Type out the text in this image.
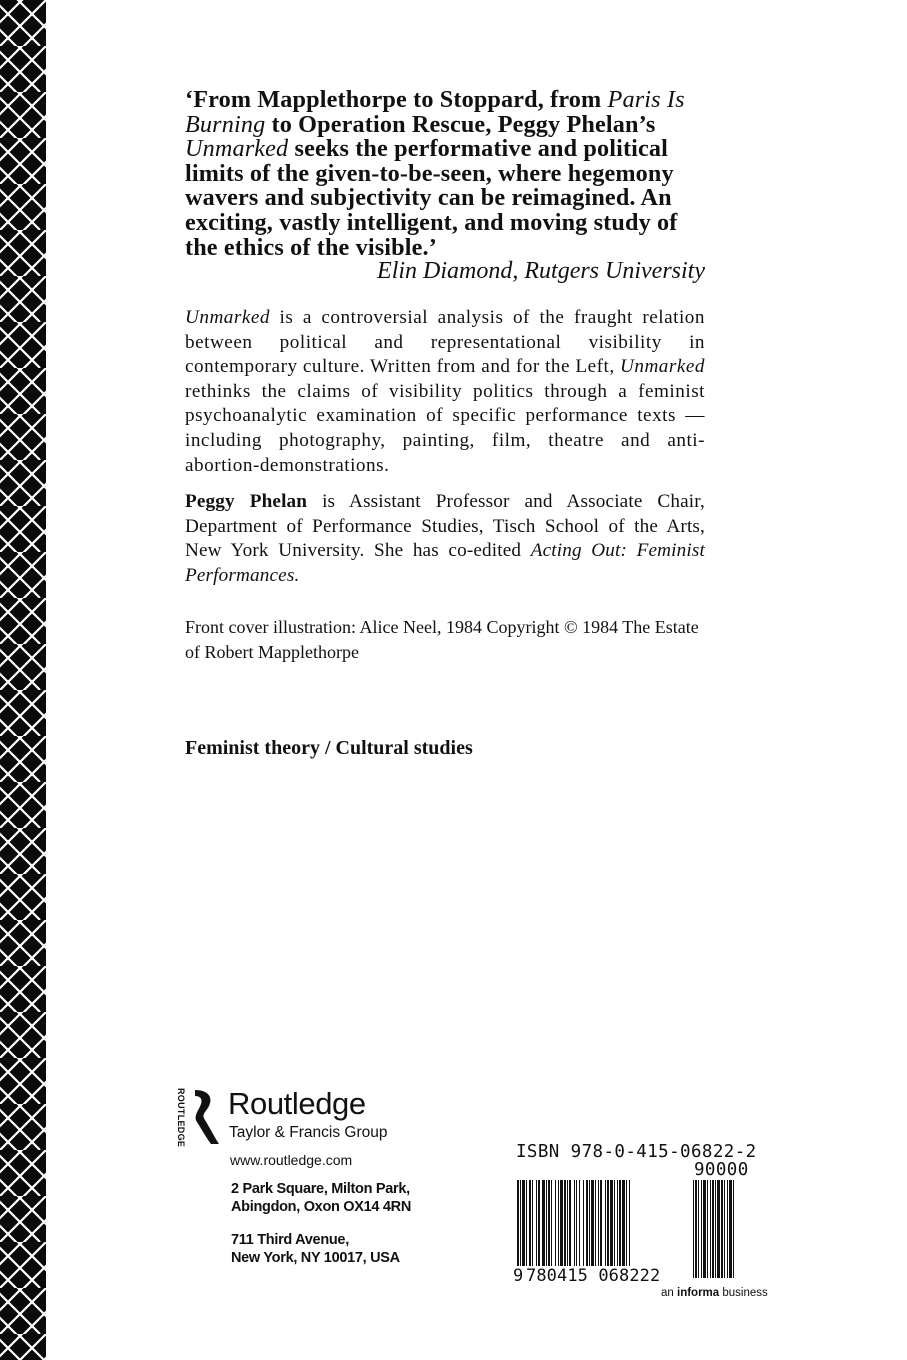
‘From Mapplethorpe to Stoppard, from Paris Is Burning to Operation Rescue, Peggy Phelan’s Unmarked seeks the performative and political limits of the given-to-be-seen, where hegemony wavers and subjectivity can be reimagined. An exciting, vastly intelligent, and moving study of the ethics of the visible.’

Elin Diamond, Rutgers University

Unmarked is a controversial analysis of the fraught relation between political and representational visibility in contemporary culture. Written from and for the Left, Unmarked rethinks the claims of visibility politics through a feminist psychoanalytic examination of specific performance texts — including photography, painting, film, theatre and anti-abortion-demonstrations.

Peggy Phelan is Assistant Professor and Associate Chair, Department of Performance Studies, Tisch School of the Arts, New York University. She has co-edited Acting Out: Feminist Performances.

Front cover illustration: Alice Neel, 1984 Copyright © 1984 The Estate of Robert Mapplethorpe

Feminist theory / Cultural studies

ROUTLEDGE Routledge
Taylor & Francis Group
www.routledge.com
2 Park Square, Milton Park,
Abingdon, Oxon OX14 4RN
711 Third Avenue,
New York, NY 10017, USA
ISBN 978-0-415-06822-2
90000
9 780415 068222
an informa business
